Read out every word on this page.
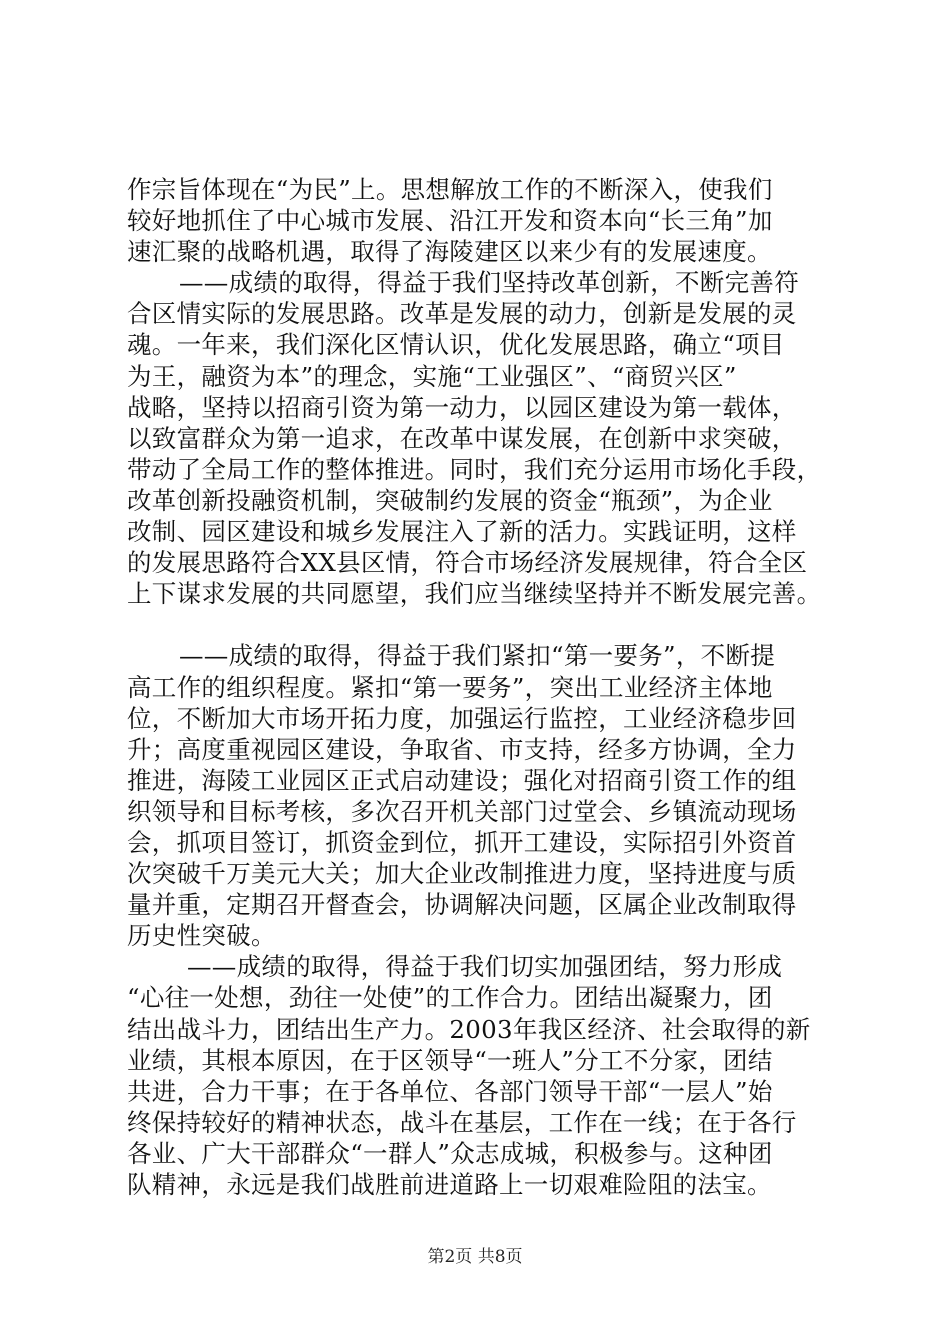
作宗旨体现在“为民”上。思想解放工作的不断深入，使我们
较好地抓住了中心城市发展、沿江开发和资本向“长三角”加
速汇聚的战略机遇，取得了海陵建区以来少有的发展速度。
——成绩的取得，得益于我们坚持改革创新，不断完善符
合区情实际的发展思路。改革是发展的动力，创新是发展的灵
魂。一年来，我们深化区情认识，优化发展思路，确立“项目
为王，融资为本”的理念，实施“工业强区”、“商贸兴区”
战略，坚持以招商引资为第一动力，以园区建设为第一载体，
以致富群众为第一追求，在改革中谋发展，在创新中求突破，
带动了全局工作的整体推进。同时，我们充分运用市场化手段，
改革创新投融资机制，突破制约发展的资金“瓶颈”，为企业
改制、园区建设和城乡发展注入了新的活力。实践证明，这样
的发展思路符合XX县区情，符合市场经济发展规律，符合全区
上下谋求发展的共同愿望，我们应当继续坚持并不断发展完善。
——成绩的取得，得益于我们紧扣“第一要务”，不断提
高工作的组织程度。紧扣“第一要务”，突出工业经济主体地
位，不断加大市场开拓力度，加强运行监控，工业经济稳步回
升；高度重视园区建设，争取省、市支持，经多方协调，全力
推进，海陵工业园区正式启动建设；强化对招商引资工作的组
织领导和目标考核，多次召开机关部门过堂会、乡镇流动现场
会，抓项目签订，抓资金到位，抓开工建设，实际招引外资首
次突破千万美元大关；加大企业改制推进力度，坚持进度与质
量并重，定期召开督查会，协调解决问题，区属企业改制取得
历史性突破。
——成绩的取得，得益于我们切实加强团结，努力形成
“心往一处想，劲往一处使”的工作合力。团结出凝聚力，团
结出战斗力，团结出生产力。2003年我区经济、社会取得的新
业绩，其根本原因，在于区领导“一班人”分工不分家，团结
共进，合力干事；在于各单位、各部门领导干部“一层人”始
终保持较好的精神状态，战斗在基层，工作在一线；在于各行
各业、广大干部群众“一群人”众志成城，积极参与。这种团
队精神，永远是我们战胜前进道路上一切艰难险阻的法宝。
第2页 共8页
